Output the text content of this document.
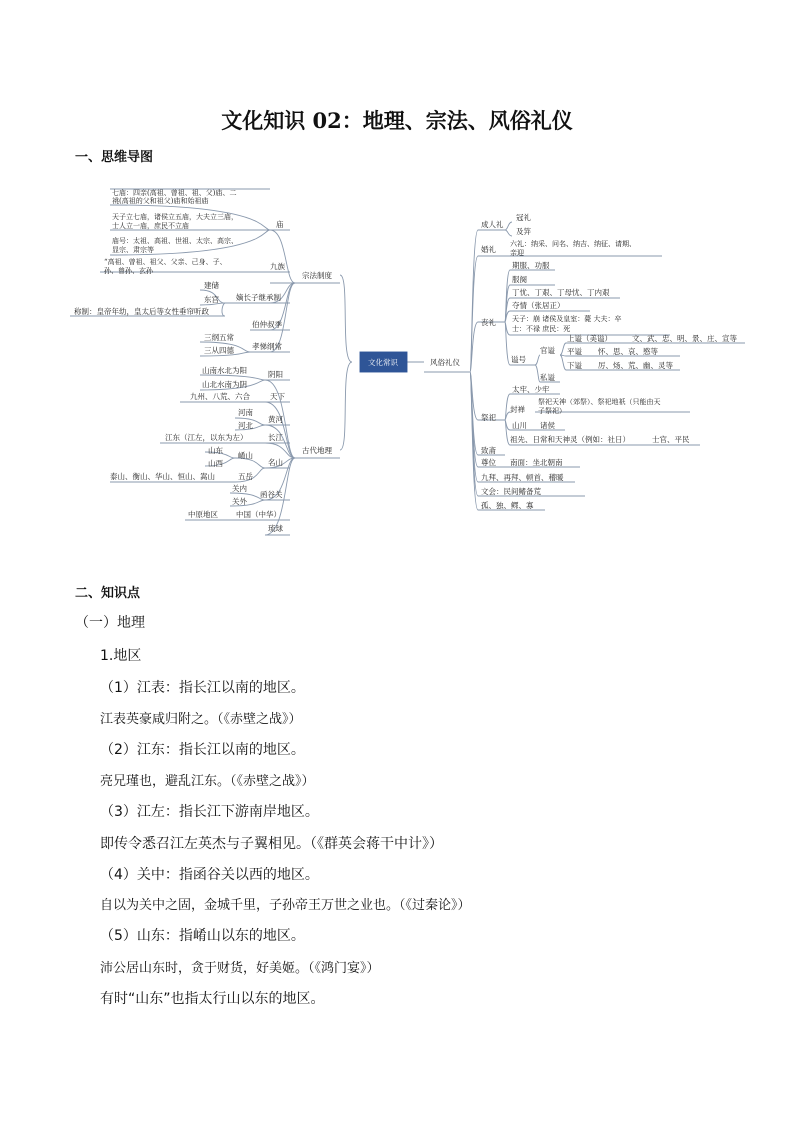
文化知识 02：地理、宗法、风俗礼仪
一、思维导图
文化常识
宗法制度
古代地理
风俗礼仪
庙
九族
嫡长子继承制
伯仲叔季
孝悌纲常
七庙：四亲(高祖、曾祖、祖、父)庙、二
祧(高祖的父和祖父)庙和始祖庙
天子立七庙，诸侯立五庙，大夫立三庙，
士人立一庙，庶民不立庙
庙号：太祖、高祖、世祖、太宗、高宗、
显宗、肃宗等
“高祖、曾祖、祖父、父亲、己身、子、
孙、曾孙、玄孙
建储
东宫
称制：皇帝年幼，皇太后等女性垂帘听政
三纲五常
三从四德
阴阳
天下
黄河
长江
名山
函谷关
琉球
山南水北为阳
山北水南为阴
九州、八荒、六合
河南
河北
江东（江左，以东为左）
山东
山西
崤山
五岳
泰山、衡山、华山、恒山、嵩山
关内
关外
中原地区 中国（中华）
成人礼
婚礼
丧礼
祭祀
冠礼
及笄
六礼：纳采、问名、纳吉、纳征、请期、
亲迎
期服、功服
服阕
丁忧、丁艰、丁母忧、丁内艰
夺情（张居正）
天子：崩 诸侯及皇室：薨 大夫：卒
士：不禄 庶民：死
谥号
官谥
上谥（美谥）	文、武、忠、明、景、庄、宣等
平谥 怀、思、哀、愍等
下谥 厉、炀、荒、幽、灵等
私谥
太牢、少牢
封禅
祭祀天神（郊祭）、祭祀地祇（只能由天
子祭祀）
山川 诸侯
祖先、日常和天神灵（例如：社日）	士官、平民
致斋
尊位 南面：坐北朝南
九拜、再拜、顿首、稽暖
文会：民间鳍备荒
孤、独、鳏、寡
二、知识点
（一）地理
1.地区
（1）江表：指长江以南的地区。
江表英豪咸归附之。（《赤壁之战》）
（2）江东：指长江以南的地区。
亮兄瑾也，避乱江东。（《赤壁之战》）
（3）江左：指长江下游南岸地区。
即传令悉召江左英杰与子翼相见。（《群英会蒋干中计》）
（4）关中：指函谷关以西的地区。
自以为关中之固，金城千里，子孙帝王万世之业也。（《过秦论》）
（5）山东：指崤山以东的地区。
沛公居山东时，贪于财货，好美姬。（《鸿门宴》）
有时“山东”也指太行山以东的地区。
